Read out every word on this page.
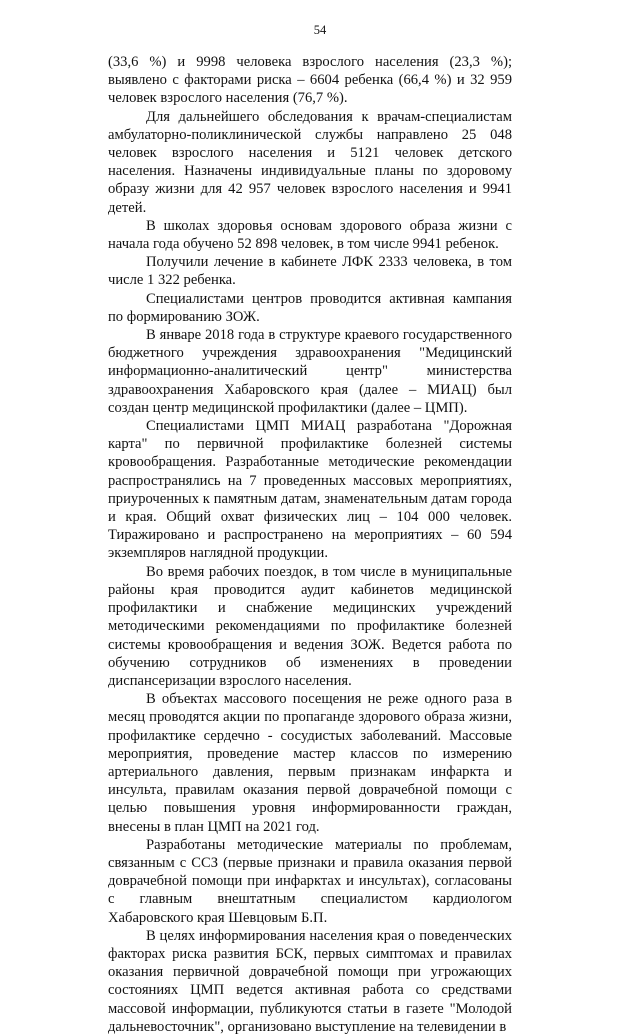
54

(33,6 %) и 9998 человека взрослого населения (23,3 %); выявлено с факторами риска – 6604 ребенка (66,4 %) и 32 959 человек взрослого населения (76,7 %).

Для дальнейшего обследования к врачам-специалистам амбулаторно-поликлинической службы направлено 25 048 человек взрослого населения и 5121 человек детского населения. Назначены индивидуальные планы по здоровому образу жизни для 42 957 человек взрослого населения и 9941 детей.

В школах здоровья основам здорового образа жизни с начала года обучено 52 898 человек, в том числе 9941 ребенок.

Получили лечение в кабинете ЛФК 2333 человека, в том числе 1 322 ребенка.

Специалистами центров проводится активная кампания по формированию ЗОЖ.

В январе 2018 года в структуре краевого государственного бюджетного учреждения здравоохранения "Медицинский информационно-аналитический центр" министерства здравоохранения Хабаровского края (далее – МИАЦ) был создан центр медицинской профилактики (далее – ЦМП).

Специалистами ЦМП МИАЦ разработана "Дорожная карта" по первичной профилактике болезней системы кровообращения. Разработанные методические рекомендации распространялись на 7 проведенных массовых мероприятиях, приуроченных к памятным датам, знаменательным датам города и края. Общий охват физических лиц – 104 000 человек. Тиражировано и распространено на мероприятиях – 60 594 экземпляров наглядной продукции.

Во время рабочих поездок, в том числе в муниципальные районы края проводится аудит кабинетов медицинской профилактики и снабжение медицинских учреждений методическими рекомендациями по профилактике болезней системы кровообращения и ведения ЗОЖ. Ведется работа по обучению сотрудников об изменениях в проведении диспансеризации взрослого населения.

В объектах массового посещения не реже одного раза в месяц проводятся акции по пропаганде здорового образа жизни, профилактике сердечно - сосудистых заболеваний. Массовые мероприятия, проведение мастер классов по измерению артериального давления, первым признакам инфаркта и инсульта, правилам оказания первой доврачебной помощи с целью повышения уровня информированности граждан, внесены в план ЦМП на 2021 год.

Разработаны методические материалы по проблемам, связанным с ССЗ (первые признаки и правила оказания первой доврачебной помощи при инфарктах и инсультах), согласованы с главным внештатным специалистом кардиологом Хабаровского края Шевцовым Б.П.

В целях информирования населения края о поведенческих факторах риска развития БСК, первых симптомах и правилах оказания первичной доврачебной помощи при угрожающих состояниях ЦМП ведется активная работа со средствами массовой информации, публикуются статьи в газете "Молодой дальневосточник", организовано выступление на телевидении в
